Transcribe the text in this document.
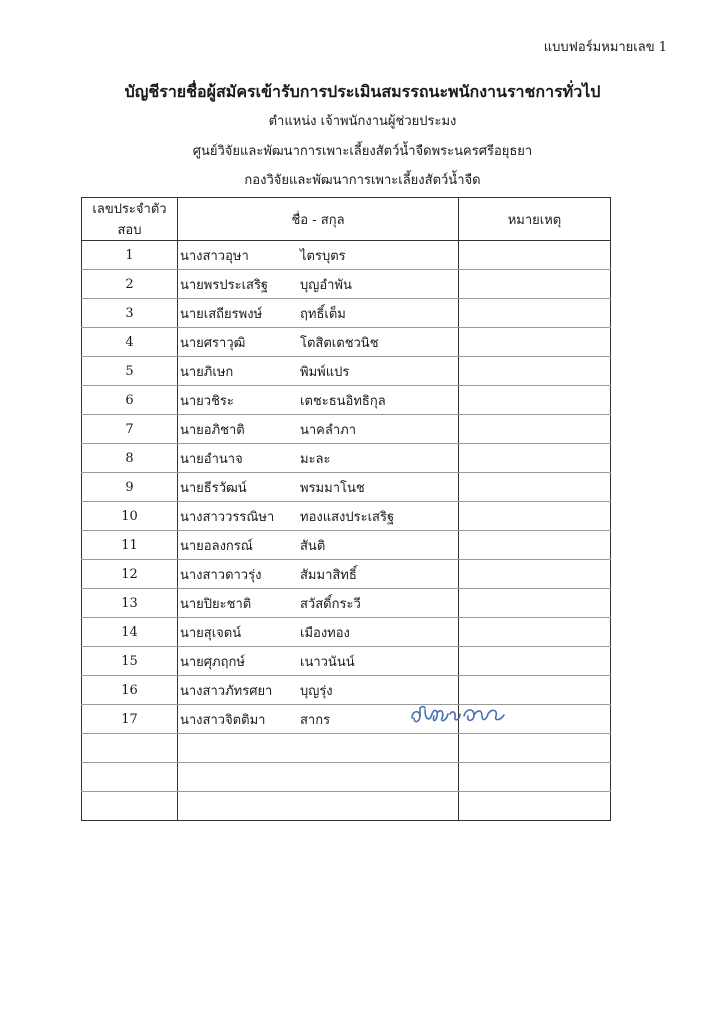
แบบฟอร์มหมายเลข 1
บัญชีรายชื่อผู้สมัครเข้ารับการประเมินสมรรถนะพนักงานราชการทั่วไป
ตำแหน่ง เจ้าพนักงานผู้ช่วยประมง
ศูนย์วิจัยและพัฒนาการเพาะเลี้ยงสัตว์น้ำจืดพระนครศรีอยุธยา
กองวิจัยและพัฒนาการเพาะเลี้ยงสัตว์น้ำจืด
เลขประจำตัวสอบ	ชื่อ - สกุล	หมายเหตุ
1	นางสาวอุษา ไตรบุตร	
2	นายพรประเสริฐ บุญอำพัน	
3	นายเสถียรพงษ์ ฤทธิ์เต็ม	
4	นายศราวุฒิ โตสิตเตชวนิช	
5	นายภิเษก พิมพ์แปร	
6	นายวชิระ เตชะธนอิทธิกุล	
7	นายอภิชาติ นาคลำภา	
8	นายอำนาจ มะละ	
9	นายธีรวัฒน์ พรมมาโนช	
10	นางสาววรรณิษา ทองแสงประเสริฐ	
11	นายอลงกรณ์ สันติ	
12	นางสาวดาวรุ่ง สัมมาสิทธิ์	
13	นายปิยะชาติ สวัสดิ์กระวี	
14	นายสุเจตน์ เมืองทอง	
15	นายศุภฤกษ์ เนาวนันน์	
16	นางสาวภัทรศยา บุญรุ่ง	
17	นางสาวจิตติมา สากร	
